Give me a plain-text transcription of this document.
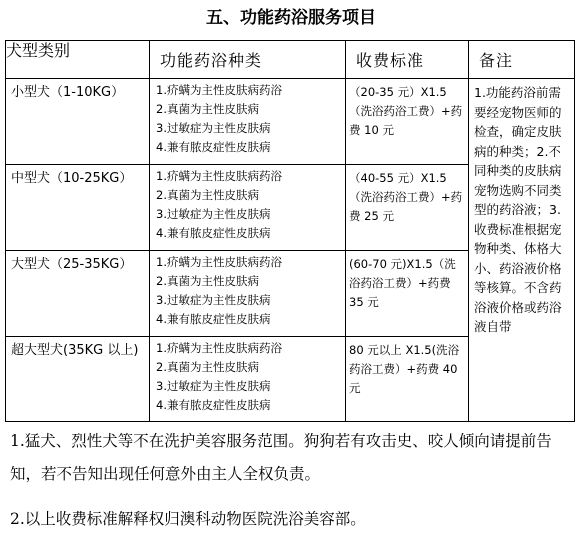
五、功能药浴服务项目
犬型类别	功能药浴种类	收费标准	备注
小型犬（1-10KG）	1.疥螨为主性皮肤病药浴
2.真菌为主性皮肤病
3.过敏症为主性皮肤病
4.兼有脓皮症性皮肤病	（20-35 元）X1.5（洗浴药浴工费）+药费 10 元	1.功能药浴前需要经宠物医师的检查，确定皮肤病的种类；2.不同种类的皮肤病宠物选购不同类型的药浴液；3.收费标准根据宠物种类、体格大小、药浴液价格等核算。不含药浴液价格或药浴液自带
中型犬（10-25KG）	1.疥螨为主性皮肤病药浴
2.真菌为主性皮肤病
3.过敏症为主性皮肤病
4.兼有脓皮症性皮肤病	（40-55 元）X1.5（洗浴药浴工费）+药费 25 元	
大型犬（25-35KG）	1.疥螨为主性皮肤病药浴
2.真菌为主性皮肤病
3.过敏症为主性皮肤病
4.兼有脓皮症性皮肤病	(60-70 元)X1.5（洗浴药浴工费）+药费 35 元	
超大型犬(35KG 以上)	1.疥螨为主性皮肤病药浴
2.真菌为主性皮肤病
3.过敏症为主性皮肤病
4.兼有脓皮症性皮肤病	80 元以上 X1.5(洗浴药浴工费）+药费 40 元	
1.猛犬、烈性犬等不在洗护美容服务范围。狗狗若有攻击史、咬人倾向请提前告知，若不告知出现任何意外由主人全权负责。
2.以上收费标准解释权归澳科动物医院洗浴美容部。
